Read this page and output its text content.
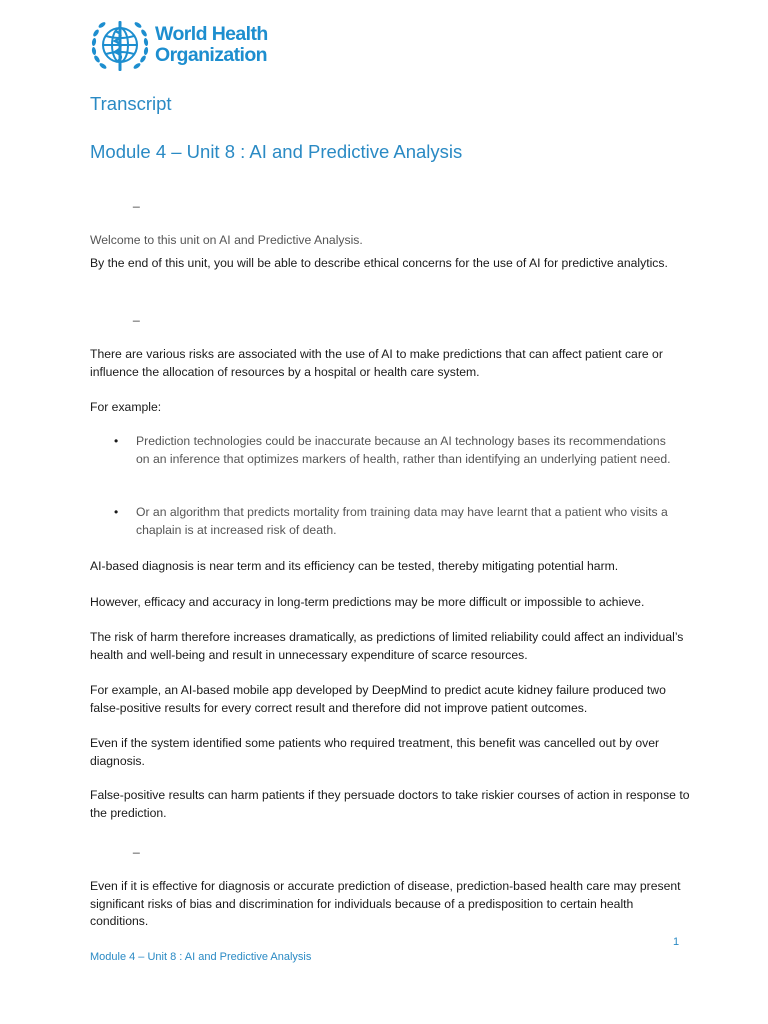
World Health
Organization
Transcript
Module 4 – Unit 8 : AI and Predictive Analysis

_

Welcome to this unit on AI and Predictive Analysis.

By the end of this unit, you will be able to describe ethical concerns for the use of AI for predictive analytics.

_

There are various risks are associated with the use of AI to make predictions that can affect patient care or influence the allocation of resources by a hospital or health care system.

For example:

• Prediction technologies could be inaccurate because an AI technology bases its recommendations on an inference that optimizes markers of health, rather than identifying an underlying patient need.
• Or an algorithm that predicts mortality from training data may have learnt that a patient who visits a chaplain is at increased risk of death.

AI-based diagnosis is near term and its efficiency can be tested, thereby mitigating potential harm.

However, efficacy and accuracy in long-term predictions may be more difficult or impossible to achieve.

The risk of harm therefore increases dramatically, as predictions of limited reliability could affect an individual’s health and well-being and result in unnecessary expenditure of scarce resources.

For example, an AI-based mobile app developed by DeepMind to predict acute kidney failure produced two false-positive results for every correct result and therefore did not improve patient outcomes.

Even if the system identified some patients who required treatment, this benefit was cancelled out by over diagnosis.

False-positive results can harm patients if they persuade doctors to take riskier courses of action in response to the prediction.

_

Even if it is effective for diagnosis or accurate prediction of disease, prediction-based health care may present significant risks of bias and discrimination for individuals because of a predisposition to certain health conditions.

1
Module 4 – Unit 8 : AI and Predictive Analysis
